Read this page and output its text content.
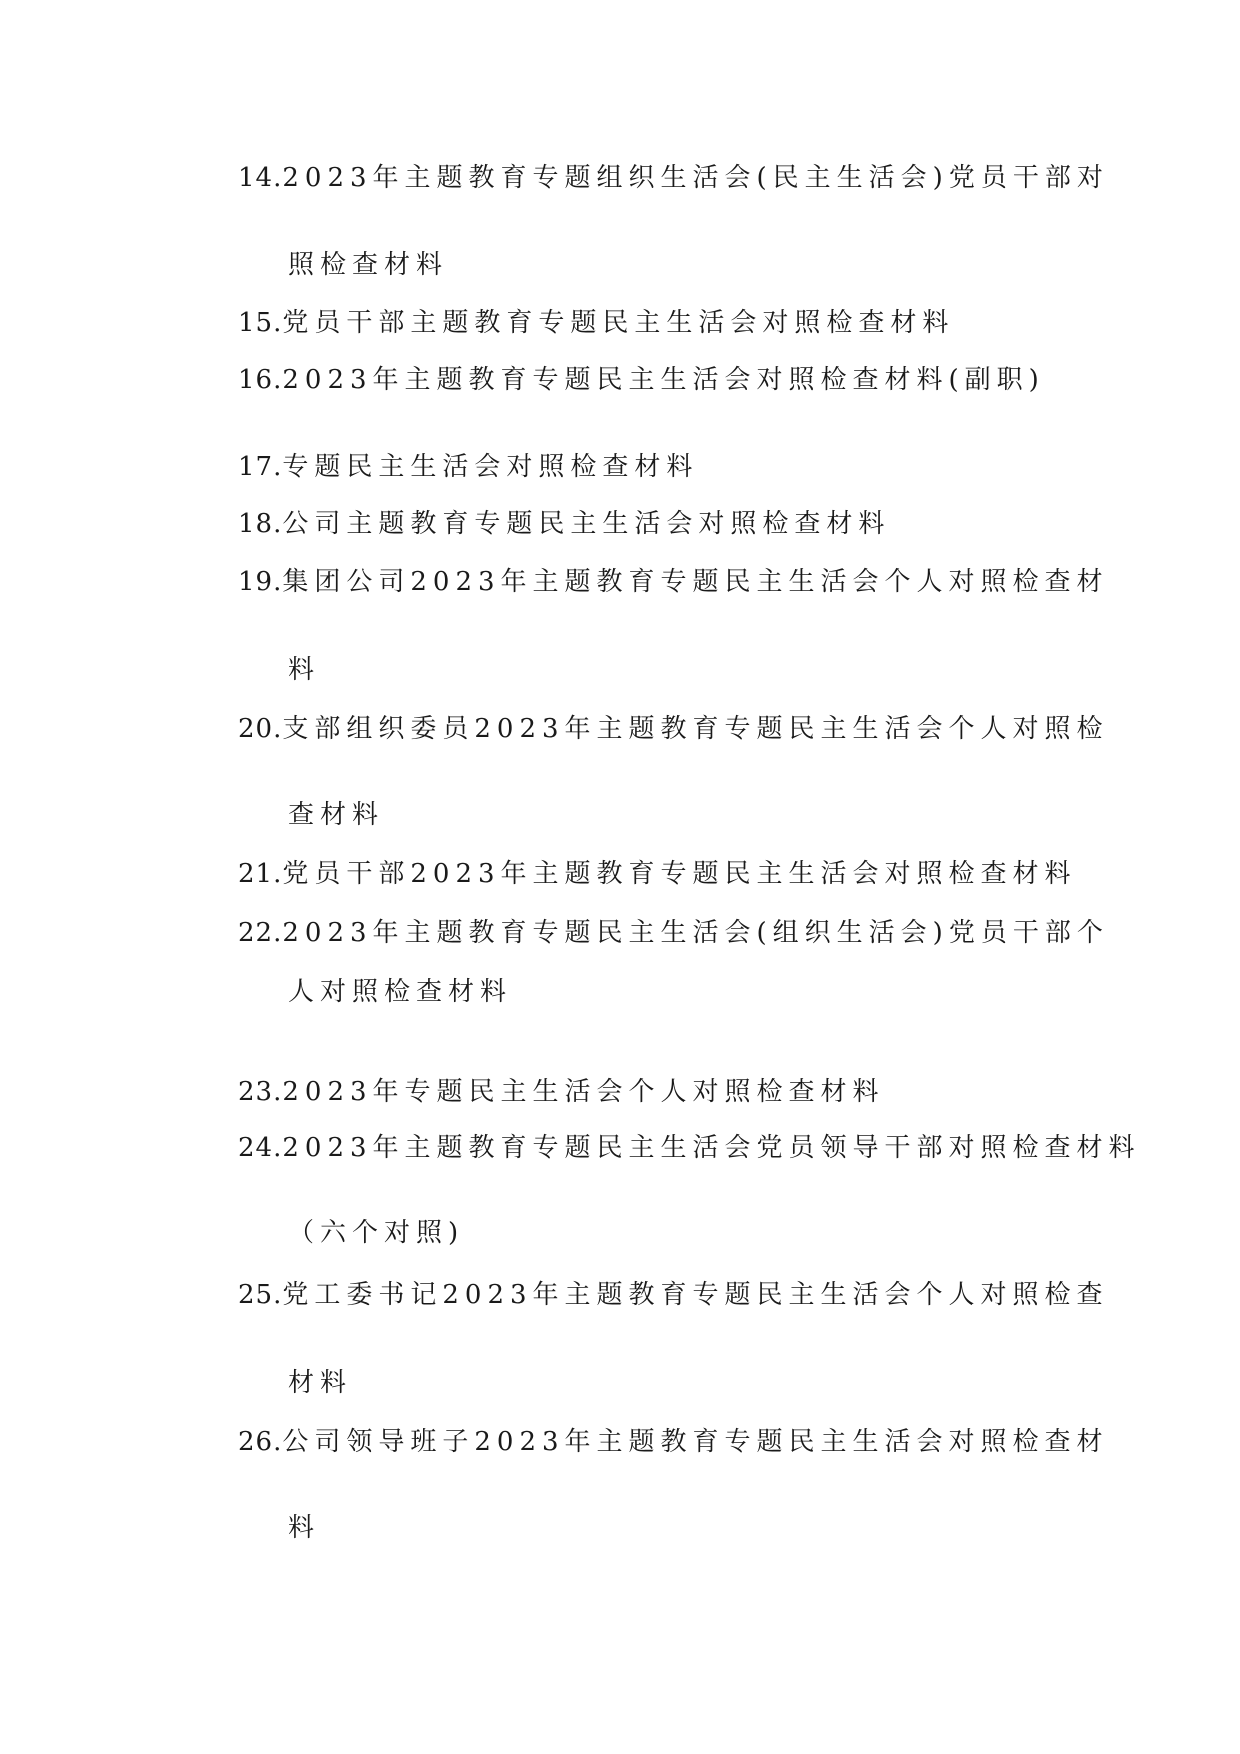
14.2023年主题教育专题组织生活会(民主生活会)党员干部对
照检查材料
15.党员干部主题教育专题民主生活会对照检查材料
16.2023年主题教育专题民主生活会对照检查材料(副职)
17.专题民主生活会对照检查材料
18.公司主题教育专题民主生活会对照检查材料
19.集团公司2023年主题教育专题民主生活会个人对照检查材
料
20.支部组织委员2023年主题教育专题民主生活会个人对照检
查材料
21.党员干部2023年主题教育专题民主生活会对照检查材料
22.2023年主题教育专题民主生活会(组织生活会)党员干部个
人对照检查材料
23.2023年专题民主生活会个人对照检查材料
24.2023年主题教育专题民主生活会党员领导干部对照检查材料
（六个对照)
25.党工委书记2023年主题教育专题民主生活会个人对照检查
材料
26.公司领导班子2023年主题教育专题民主生活会对照检查材
料
